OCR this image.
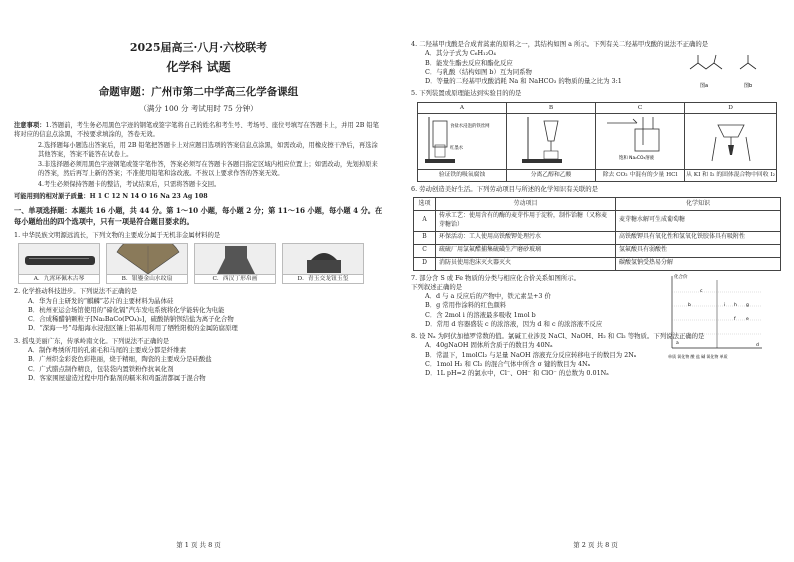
2025届高三·八月·六校联考
化学科 试题
命题审题：广州市第二中学高三化学备课组
（满分 100 分 考试用时 75 分钟）

注意事项：1.答题前，考生务必用黑色字迹的钢笔或签字笔将自己的姓名和考生号、考场号、座位号填写在答题卡上，并用 2B 铅笔将对应的信息点涂黑，不按要求填涂的，答卷无效。

2.选择题每小题选出答案后，用 2B 铅笔把答题卡上对应题目选项的答案信息点涂黑，如需改动，用橡皮擦干净后，再选涂其他答案，答案不能答在试卷上。

3.非选择题必须用黑色字迹钢笔或签字笔作答，答案必须写在答题卡各题目指定区域内相应位置上；如需改动，先划掉原来的答案，然后再写上新的答案；不准使用铅笔和涂改液。不按以上要求作答的答案无效。

4.考生必须保持答题卡的整洁，考试结束后，只需将答题卡交回。

可能用到的相对原子质量：H 1 C 12 N 14 O 16 Na 23 Ag 108
一、单项选择题：本题共 16 小题，共 44 分。第 1～10 小题，每小题 2 分；第 11～16 小题，每小题 4 分。在每小题给出的四个选项中，只有一项是符合题目要求的。
1. 中华民族文明源远流长，下列文物的主要成分属于无机非金属材料的是
A．九霄环佩木古琴	B．银鎏金山水纹扇	C．西汉丁形帛画	D．青玉交龙钮玉玺
2. 化学推动科技进步。下列说法不正确的是
A．华为自主研发的“麒麟”芯片的主要材料为晶体硅
B．杭州亚运会场馆使用的“碲化镉”汽车发电系统将化学能转化为电能
C．合成稀醋钠颗粒子[Na₂BaCo(PO₄)₂]，硫酸钠钠钡结盐为离子化合物
D．“深海一号”母船海水浸泡区镶上铝基用利用了牺牲阳极的金属防腐原理
3. 摇曳美丽广东，传承岭南文化。下列说法不正确的是
A．制作粤绣所用的孔雀毛和马尾的主要成分都是纤维素
B．广州织金彩瓷色彩艳丽，烧于精细，陶瓷的主要成分是硅酸盐
C．广式腊点制作精良，包装袋内置铁粉作抗氧化剂
D．客家围屋建造过程中用作黏剂的糯米和鸡蛋清都属于混合物
第 1 页 共 8 页
4. 二羟基甲戊酸是合成青蒿素的原料之一，其结构如图 a 所示。下列有关二羟基甲戊酸的说法不正确的是
A．其分子式为 C₆H₁₂O₄
B．能发生酯去反应和酯化反应
C．与乳酸（结构如图 b）互为同系物
D．等量的二羟基甲戊酸消耗 Na 和 NaHCO₃ 的物质的量之比为 3:1
图a	图b
5. 下列装置或原理能达到实验目的的是
A	B	C	D

食盐水浸泡的铁丝网
红墨水		饱和 Na₂CO₃溶液

验证铁的吸氧腐蚀	分离乙醇和乙酸	除去 CO₂ 中混有的少量 HCl	从 KI 和 I₂ 的固体混合物中回收 I₂
6. 劳动创造美好生活。下列劳动项目与所述的化学知识有关联的是
选项	劳动项目	化学知识
A	传承工艺：使用含有的酶的麦芽作用于淀粉，制作饴糖（又称麦芽糖饴）	麦芽糖水解可生成葡萄糖
B	环保活动：工人使用高铁酸钾处理污水	高铁酸钾具有氧化性和氢氧化铁胶体具有吸附性
C	疏硫厂用氯氟醋捕集硫磺生产磨砂玻璃	氢氟酸具有弱酸性
D	消防员使用泡沫灭火器灭火	碳酸氢钠受热易分解
7. 部分含 S 或 Fe 物质的分类与相应化合价关系如图所示。
下列叙述正确的是
A．d 与 a 反应后的产物中，铁元素呈+3 价
B．g 常用作涂料的红色颜料
C．含 2mol i 的溶液最多吸收 1mol b
D．常用 d 容器盛装 c 的浓溶液，因为 d 和 c 的浓溶液不反应
化合价
单质 氧化物 酸 盐 碱 氧化物 单质
a
b
c
d
e
f
g
h
i
8. 设 Nₐ 为阿伏加德罗常数的值。氯碱工业涉及 NaCl、NaOH、H₂ 和 Cl₂ 等物质。下列说法正确的是
A．40gNaOH 固体所含质子的数目为 40Nₐ
B．常温下，1molCl₂ 与足量 NaOH 溶液充分反应转移电子的数目为 2Nₐ
C．1mol H₂ 和 Cl₂ 的混合气体中所含 σ 键的数目为 4Nₐ
D．1L pH=2 的氯水中，Cl⁻、OH⁻ 和 ClO⁻ 的总数为 0.01Nₐ
第 2 页 共 8 页
